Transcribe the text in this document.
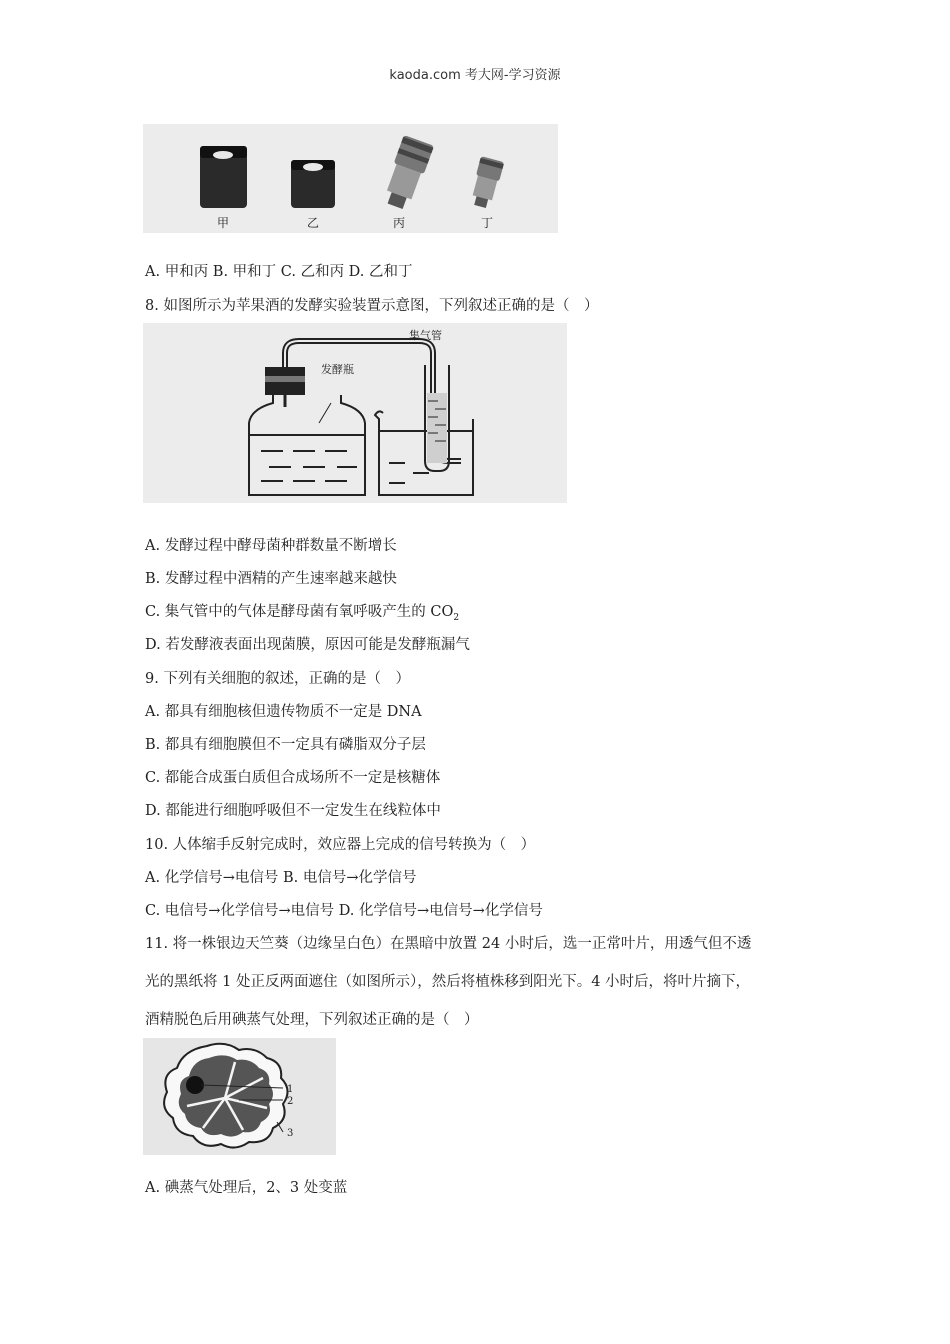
kaoda.com 考大网-学习资源
甲	乙	丙	丁
A. 甲和丙 B. 甲和丁 C. 乙和丙 D. 乙和丁
8. 如图所示为苹果酒的发酵实验装置示意图，下列叙述正确的是（　）
发酵瓶
集气管
A. 发酵过程中酵母菌种群数量不断增长
B. 发酵过程中酒精的产生速率越来越快
C. 集气管中的气体是酵母菌有氧呼吸产生的 $CO_2$
D. 若发酵液表面出现菌膜，原因可能是发酵瓶漏气
9. 下列有关细胞的叙述，正确的是（　）
A. 都具有细胞核但遗传物质不一定是 DNA
B. 都具有细胞膜但不一定具有磷脂双分子层
C. 都能合成蛋白质但合成场所不一定是核糖体
D. 都能进行细胞呼吸但不一定发生在线粒体中
10. 人体缩手反射完成时，效应器上完成的信号转换为（　）
A. 化学信号→电信号 B. 电信号→化学信号
C. 电信号→化学信号→电信号 D. 化学信号→电信号→化学信号
11. 将一株银边天竺葵（边缘呈白色）在黑暗中放置 24 小时后，选一正常叶片，用透气但不透
光的黑纸将 1 处正反两面遮住（如图所示），然后将植株移到阳光下。4 小时后，将叶片摘下，
酒精脱色后用碘蒸气处理，下列叙述正确的是（　）
1
2
3
A. 碘蒸气处理后，2、3 处变蓝
